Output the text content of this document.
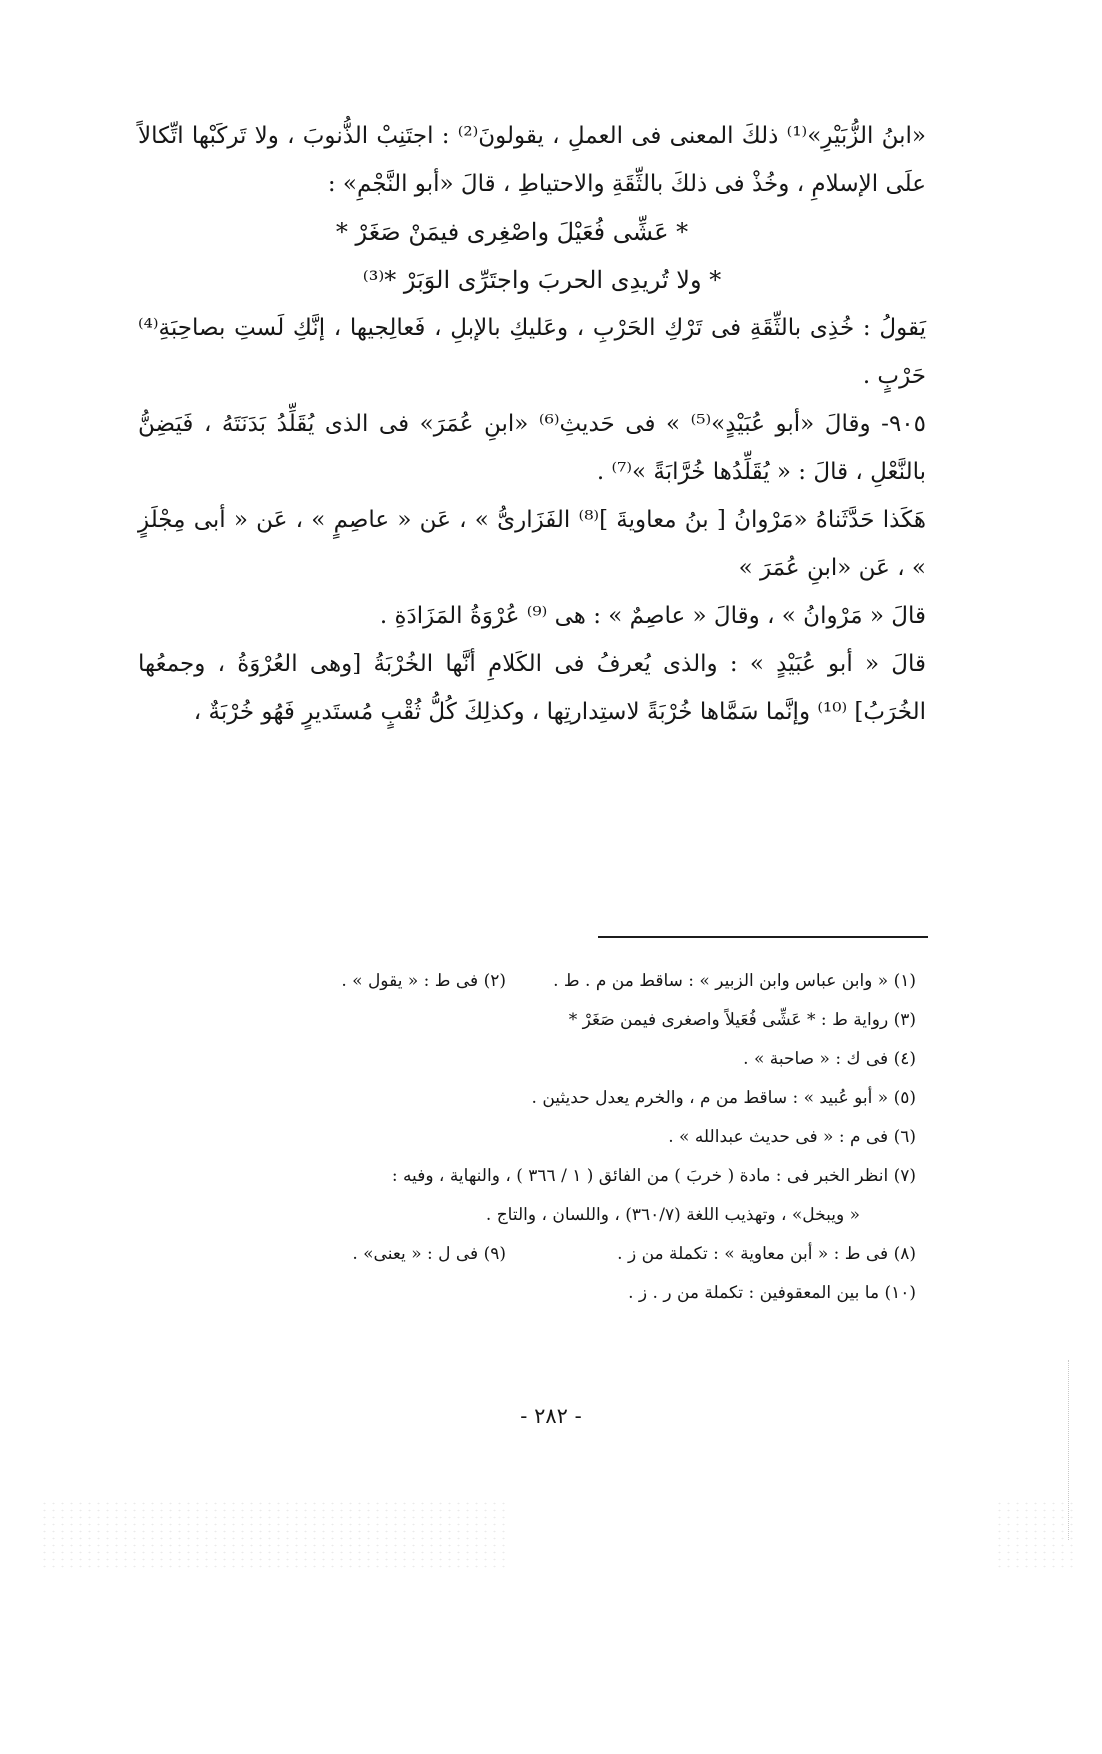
«ابنُ الزُّبَيْرِ»⁽¹⁾ ذلكَ المعنى فى العملِ ، يقولونَ⁽²⁾ : اجتَنِبْ الذُّنوبَ ، ولا تَركَبْها اتِّكالاً علَى الإسلامِ ، وخُذْ فى ذلكَ بالثِّقَةِ والاحتياطِ ، قالَ «أبو النَّجْمِ» :

* عَشِّى فُعَيْلَ واصْغِرى فيمَنْ صَغَرْ *

* ولا تُريدِى الحربَ واجتَرِّى الوَبَرْ *⁽³⁾

يَقولُ : خُذِى بالثِّقَةِ فى تَرْكِ الحَرْبِ ، وعَليكِ بالإبلِ ، فَعالِجيها ، إنَّكِ لَستِ بصاحِبَةِ⁽⁴⁾ حَرْبٍ .

٩٠٥- وقالَ «أبو عُبَيْدٍ»⁽⁵⁾ » فى حَديثِ⁽⁶⁾ «ابنِ عُمَرَ» فى الذى يُقَلِّدُ بَدَنَتَهُ ، فَيَضِنُّ بالنَّعْلِ ، قالَ : « يُقَلِّدُها خُرَّابَةً »⁽⁷⁾ .

هَكَذا حَدَّثَناهُ «مَرْوانُ [ بنُ معاويةَ ]⁽⁸⁾ الفَزَارىُّ » ، عَن « عاصِمٍ » ، عَن « أبى مِجْلَزٍ » ، عَن «ابنِ عُمَرَ »

قالَ « مَرْوانُ » ، وقالَ « عاصِمٌ » : هى ⁽⁹⁾ عُرْوَةُ المَزَادَةِ .

قالَ « أبو عُبَيْدٍ » : والذى يُعرفُ فى الكَلامِ أنَّها الخُرْبَةُ [وهى العُرْوَةُ ، وجمعُها الخُرَبُ] ⁽¹⁰⁾ وإنَّما سَمَّاها خُرْبَةً لاستِدارتِها ، وكذلِكَ كُلُّ ثُقْبٍ مُستَديرٍ فَهُو خُرْبَةٌ ،

(١) « وابن عباس وابن الزبير » : ساقط من م . ط .
(٢) فى ط : « يقول » .

(٣) رواية ط : * عَشِّى فُعَيلاً واصغرى فيمن صَغَرْ *

(٤) فى ك : « صاحبة » .

(٥) « أبو عُبيد » : ساقط من م ، والخرم يعدل حديثين .

(٦) فى م : « فى حديث عبدالله » .

(٧) انظر الخبر فى : مادة ( خربَ ) من الفائق ( ١ / ٣٦٦ ) ، والنهاية ، وفيه :

« ويبخل» ، وتهذيب اللغة (٣٦٠/٧) ، واللسان ، والتاج .

(٨) فى ط : « أبن معاوية » : تكملة من ز .
(٩) فى ل : « يعنى» .

(١٠) ما بين المعقوفين : تكملة من ر . ز .

- ٢٨٢ -
